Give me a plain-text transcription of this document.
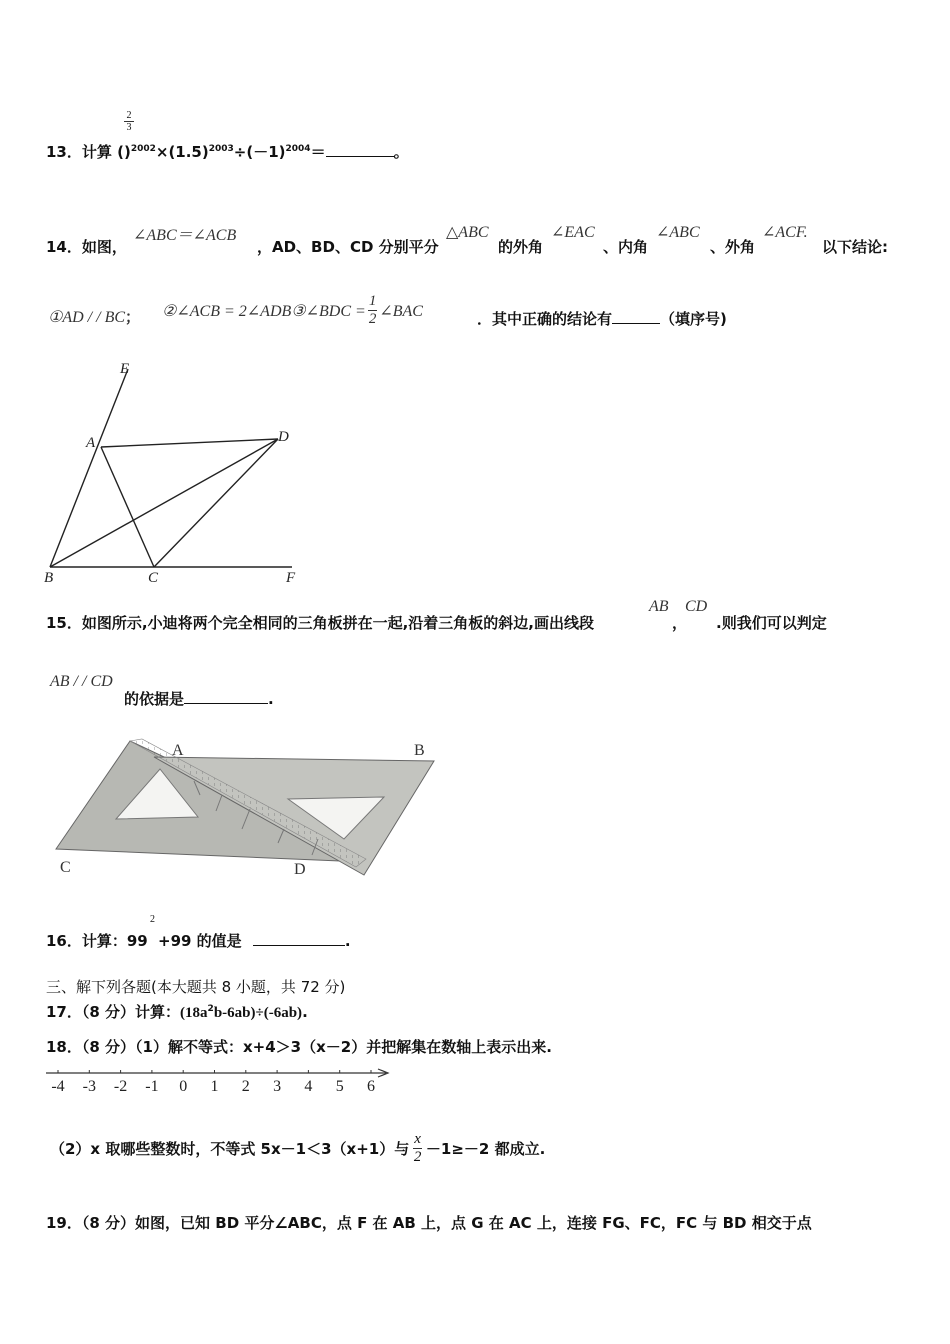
$\frac{2}{3}$
13．计算 $()^{2002}\times(1.5)^{2003}\div(-1)^{2004}=$	。
14．如图，
∠ABC＝∠ACB
，AD、BD、CD 分别平分
△ABC
的外角
∠EAC
、内角
∠ABC
、外角
∠ACF.
以下结论:
①AD / / BC； ②∠ACB = 2∠ADB③∠BDC = $\frac{1}{2}$ ∠BAC	．其中正确的结论有	（填序号)
E
A	D
B	C	F
15．如图所示,小迪将两个完全相同的三角板拼在一起,沿着三角板的斜边,画出线段
AB
，
CD
.则我们可以判定
AB / / CD
的依据是	.
A	B
C	D
16．计算：99
2
+99 的值是	.
三、解下列各题(本大题共 8 小题，共 72 分)
17．（8 分）计算：$(18a^2b-6ab)\div(-6ab)$.
18．（8 分）（1）解不等式：x+4＞3（x－2）并把解集在数轴上表示出来.
-4 -3 -2 -1 0 1 2 3 4 5 6
（2）x 取哪些整数时，不等式 5x－1＜3（x+1）与 $\frac{x}{2} -1\ge-2$ 都成立.
19．（8 分）如图，已知 BD 平分∠ABC，点 F 在 AB 上，点 G 在 AC 上，连接 FG、FC，FC 与 BD 相交于点
